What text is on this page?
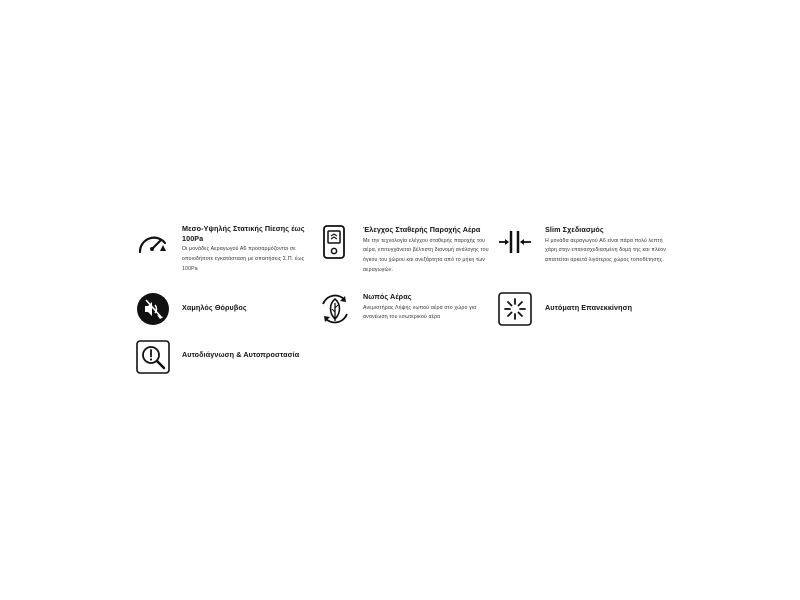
Μεσο-Υψηλής Στατικής Πίεσης έως 100Pa

Οι μονάδες Αεραγωγού Α6 προσαρμόζονται σε οποιοδήποτε εγκατάσταση με απαιτήσεις Σ.Π. έως 100Pa

Έλεγχος Σταθερής Παροχής Αέρα

Με την τεχνολογία ελέγχου σταθερής παροχής του αέρα, επιτυγχάνεται βέλτιστη διανομή ανάλογης του όγκου του χώρου και ανεξάρτητα από το μήκη των αεραγωγών.

Slim Σχεδιασμός

Η μονάδα αεραγωγού Α6 είναι πάρα πολύ λεπτή χάρη στην επανασχεδιασμένη δομή της και πλέον απαιτείται αρκετά λιγότερος χώρος τοποθέτησης.

Χαμηλός Θόρυβος

Νωπός Αέρας

Ανεμιστήρας Λήψης νωπού αέρα στο χώρο για ανανέωση του εσωτερικού αέρα

Αυτόματη Επανεκκίνηση

Αυτοδιάγνωση & Αυτοπροστασία
